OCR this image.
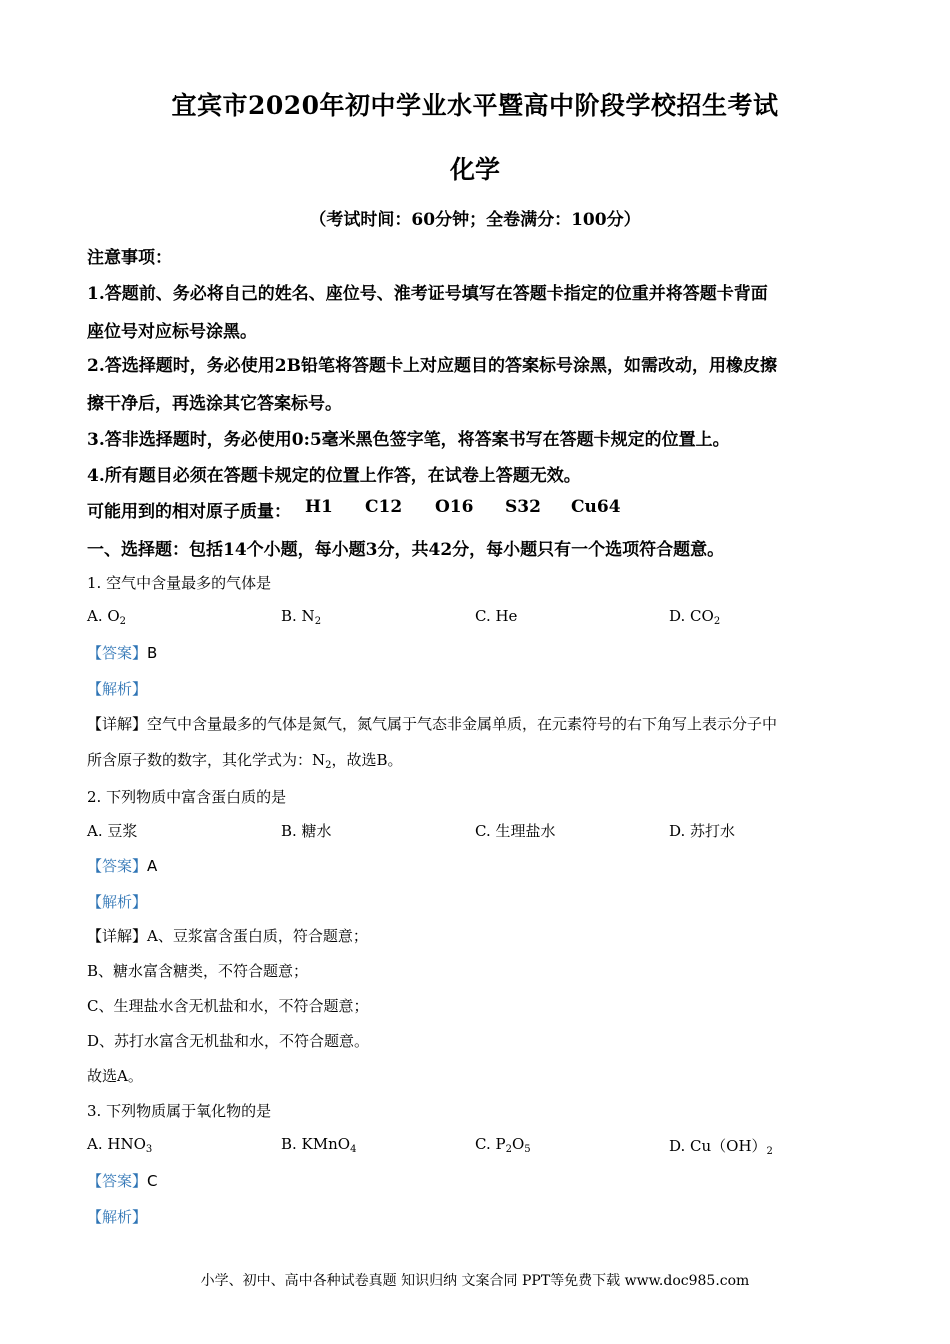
宜宾市2020年初中学业水平暨高中阶段学校招生考试
化学
（考试时间：60分钟；全卷满分：100分）
注意事项：
1.答题前、务必将自己的姓名、座位号、淮考证号填写在答题卡指定的位重并将答题卡背面
座位号对应标号涂黑。
2.答选择题时，务必使用2B铅笔将答题卡上对应题目的答案标号涂黑，如需改动，用橡皮擦
擦干净后，再选涂其它答案标号。
3.答非选择题时，务必使用0:5毫米黑色签字笔，将答案书写在答题卡规定的位置上。
4.所有题目必须在答题卡规定的位置上作答，在试卷上答题无效。
可能用到的相对原子质量： H1	C12	O16	S32	Cu64
一、选择题：包括14个小题，每小题3分，共42分，每小题只有一个选项符合题意。
1. 空气中含量最多的气体是
A. $O_2$	B. $N_2$	C. He	D. $CO_2$
【答案】B
【解析】
【详解】空气中含量最多的气体是氮气，氮气属于气态非金属单质，在元素符号的右下角写上表示分子中
所含原子数的数字，其化学式为：$N_2$，故选B。
2. 下列物质中富含蛋白质的是
A. 豆浆	B. 糖水	C. 生理盐水	D. 苏打水
【答案】A
【解析】
【详解】A、豆浆富含蛋白质，符合题意；
B、糖水富含糖类，不符合题意；
C、生理盐水含无机盐和水，不符合题意；
D、苏打水富含无机盐和水，不符合题意。
故选A。
3. 下列物质属于氧化物的是
A. $HNO_3$	B. KMnO$_4$	C. $P_2O_5$	D. $Cu(OH)_2$
【答案】C
【解析】
小学、初中、高中各种试卷真题 知识归纳 文案合同 PPT等免费下载 www.doc985.com
